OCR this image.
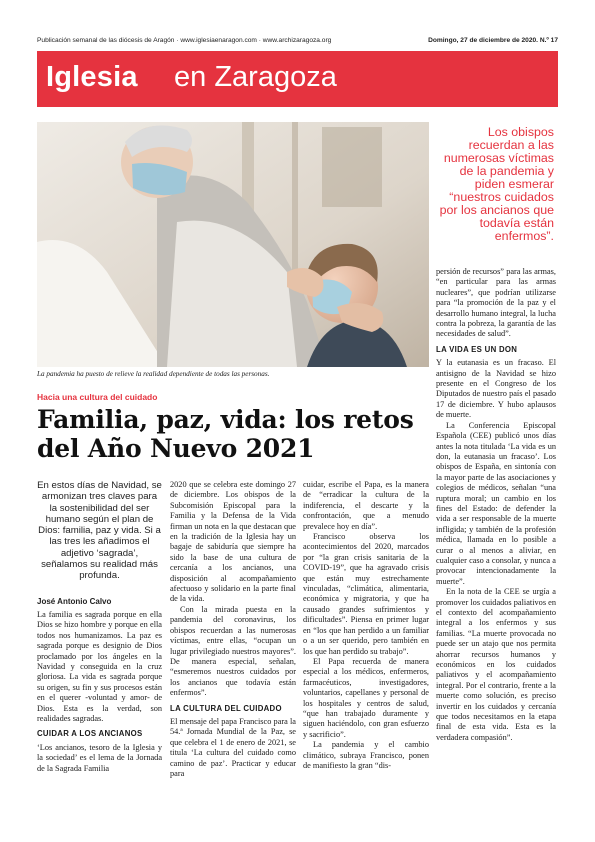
Publicación semanal de las diócesis de Aragón · www.iglesiaenaragon.com · www.archizaragoza.org	Domingo, 27 de diciembre de 2020. N.º 17
Iglesia en Zaragoza
La pandemia ha puesto de relieve la realidad dependiente de todas las personas.
Los obispos recuerdan a las numerosas víctimas de la pandemia y piden esmerar “nuestros cuidados por los ancianos que todavía están enfermos”.
Hacia una cultura del cuidado
Familia, paz, vida: los retos del Año Nuevo 2021
En estos días de Navidad, se armonizan tres claves para la sostenibilidad del ser humano según el plan de Dios: familia, paz y vida. Si a las tres les añadimos el adjetivo ‘sagrada’, señalamos su realidad más profunda.
José Antonio Calvo

La familia es sagrada porque en ella Dios se hizo hombre y porque en ella todos nos humanizamos. La paz es sagrada porque es designio de Dios proclamado por los ángeles en la Navidad y conseguida en la cruz gloriosa. La vida es sagrada porque su origen, su fin y sus procesos están en el querer -voluntad y amor- de Dios. Esta es la verdad, son realidades sagradas.

CUIDAR A LOS ANCIANOS

‘Los ancianos, tesoro de la Iglesia y la sociedad’ es el lema de la Jornada de la Sagrada Familia

2020 que se celebra este domingo 27 de diciembre. Los obispos de la Subcomisión Episcopal para la Familia y la Defensa de la Vida firman un nota en la que destacan que en la tradición de la Iglesia hay un bagaje de sabiduría que siempre ha sido la base de una cultura de cercanía a los ancianos, una disposición al acompañamiento afectuoso y solidario en la parte final de la vida.

Con la mirada puesta en la pandemia del coronavirus, los obispos recuerdan a las numerosas víctimas, entre ellas, “ocupan un lugar privilegiado nuestros mayores”. De manera especial, señalan, “esmeremos nuestros cuidados por los ancianos que todavía están enfermos”.

LA CULTURA DEL CUIDADO

El mensaje del papa Francisco para la 54.ª Jornada Mundial de la Paz, se que celebra el 1 de enero de 2021, se titula ‘La cultura del cuidado como camino de paz’. Practicar y educar para

cuidar, escribe el Papa, es la manera de “erradicar la cultura de la indiferencia, el descarte y la confrontación, que a menudo prevalece hoy en día”.

Francisco observa los acontecimientos del 2020, marcados por “la gran crisis sanitaria de la COVID-19”, que ha agravado crisis que están muy estrechamente vinculadas, “climática, alimentaria, económica y migratoria, y que ha causado grandes sufrimientos y dificultades”. Piensa en primer lugar en “los que han perdido a un familiar o a un ser querido, pero también en los que han perdido su trabajo”.

El Papa recuerda de manera especial a los médicos, enfermeros, farmacéuticos, investigadores, voluntarios, capellanes y personal de los hospitales y centros de salud, “que han trabajado duramente y siguen haciéndolo, con gran esfuerzo y sacrificio”.

La pandemia y el cambio climático, subraya Francisco, ponen de manifiesto la gran “dis-

persión de recursos” para las armas, “en particular para las armas nucleares”, que podrían utilizarse para “la promoción de la paz y el desarrollo humano integral, la lucha contra la pobreza, la garantía de las necesidades de salud”.

LA VIDA ES UN DON

Y la eutanasia es un fracaso. El antisigno de la Navidad se hizo presente en el Congreso de los Diputados de nuestro país el pasado 17 de diciembre. Y hubo aplausos de muerte.

La Conferencia Episcopal Española (CEE) publicó unos días antes la nota titulada ‘La vida es un don, la eutanasia un fracaso’. Los obispos de España, en sintonía con la mayor parte de las asociaciones y colegios de médicos, señalan “una ruptura moral; un cambio en los fines del Estado: de defender la vida a ser responsable de la muerte infligida; y también de la profesión médica, llamada en lo posible a curar o al menos a aliviar, en cualquier caso a consolar, y nunca a provocar intencionadamente la muerte”.

En la nota de la CEE se urgía a promover los cuidados paliativos en el contexto del acompañamiento integral a los enfermos y sus familias. “La muerte provocada no puede ser un atajo que nos permita ahorrar recursos humanos y económicos en los cuidados paliativos y el acompañamiento integral. Por el contrario, frente a la muerte como solución, es preciso invertir en los cuidados y cercanía que todos necesitamos en la etapa final de esta vida. Esta es la verdadera compasión”.
